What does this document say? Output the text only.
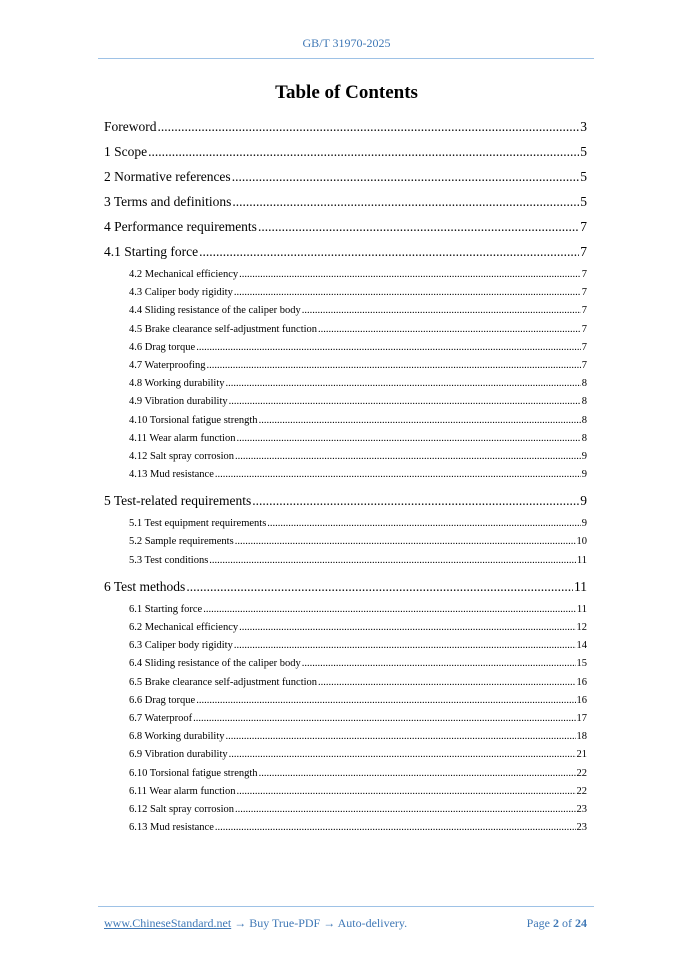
GB/T 31970-2025
Table of Contents
Foreword .....	3
1 Scope .....	5
2 Normative references .....	5
3 Terms and definitions .....	5
4 Performance requirements .....	7
4.1 Starting force .....	7
4.2 Mechanical efficiency .....	7
4.3 Caliper body rigidity .....	7
4.4 Sliding resistance of the caliper body .....	7
4.5 Brake clearance self-adjustment function .....	7
4.6 Drag torque .....	7
4.7 Waterproofing .....	7
4.8 Working durability .....	8
4.9 Vibration durability .....	8
4.10 Torsional fatigue strength .....	8
4.11 Wear alarm function .....	8
4.12 Salt spray corrosion .....	9
4.13 Mud resistance .....	9
5 Test-related requirements .....	9
5.1 Test equipment requirements .....	9
5.2 Sample requirements .....	10
5.3 Test conditions .....	11
6 Test methods .....	11
6.1 Starting force .....	11
6.2 Mechanical efficiency .....	12
6.3 Caliper body rigidity .....	14
6.4 Sliding resistance of the caliper body .....	15
6.5 Brake clearance self-adjustment function .....	16
6.6 Drag torque .....	16
6.7 Waterproof .....	17
6.8 Working durability .....	18
6.9 Vibration durability .....	21
6.10 Torsional fatigue strength .....	22
6.11 Wear alarm function .....	22
6.12 Salt spray corrosion .....	23
6.13 Mud resistance .....	23
www.ChineseStandard.net → Buy True-PDF → Auto-delivery.	Page 2 of 24
